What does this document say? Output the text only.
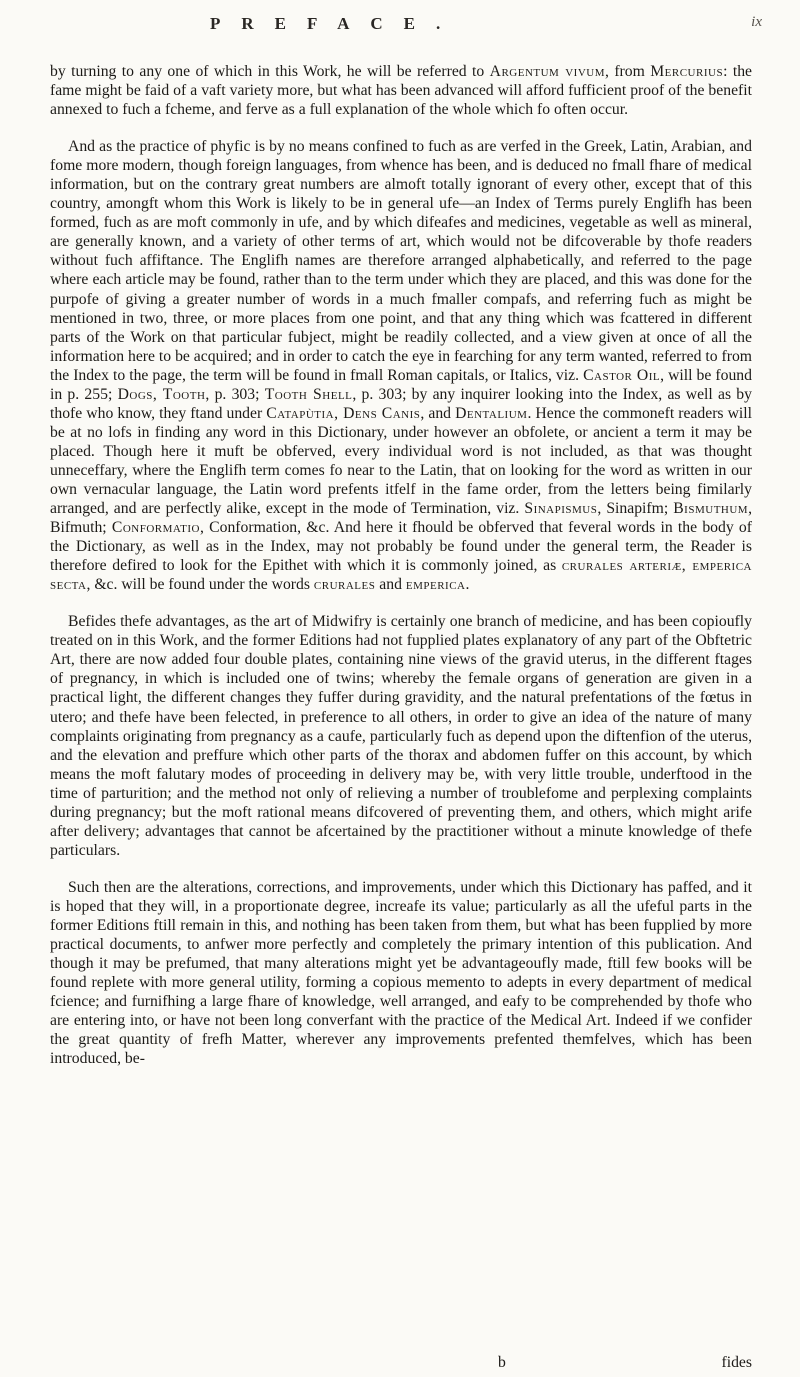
PREFACE.	ix

by turning to any one of which in this Work, he will be referred to Argentum vivum, from Mercurius: the fame might be faid of a vaft variety more, but what has been advanced will afford fufficient proof of the benefit annexed to fuch a fcheme, and ferve as a full explanation of the whole which fo often occur.

And as the practice of phyfic is by no means confined to fuch as are verfed in the Greek, Latin, Arabian, and fome more modern, though foreign languages, from whence has been, and is deduced no fmall fhare of medical information, but on the contrary great numbers are almoft totally ignorant of every other, except that of this country, amongft whom this Work is likely to be in general ufe—an Index of Terms purely Englifh has been formed, fuch as are moft commonly in ufe, and by which difeafes and medicines, vegetable as well as mineral, are generally known, and a variety of other terms of art, which would not be difcoverable by thofe readers without fuch affiftance. The Englifh names are therefore arranged alphabetically, and referred to the page where each article may be found, rather than to the term under which they are placed, and this was done for the purpofe of giving a greater number of words in a much fmaller compafs, and referring fuch as might be mentioned in two, three, or more places from one point, and that any thing which was fcattered in different parts of the Work on that particular fubject, might be readily collected, and a view given at once of all the information here to be acquired; and in order to catch the eye in fearching for any term wanted, referred to from the Index to the page, the term will be found in fmall Roman capitals, or Italics, viz. Castor Oil, will be found in p. 255; Dogs, Tooth, p. 303; Tooth Shell, p. 303; by any inquirer looking into the Index, as well as by thofe who know, they ftand under Catapùtia, Dens Canis, and Dentalium. Hence the commoneft readers will be at no lofs in finding any word in this Dictionary, under however an obfolete, or ancient a term it may be placed. Though here it muft be obferved, every individual word is not included, as that was thought unneceffary, where the Englifh term comes fo near to the Latin, that on looking for the word as written in our own vernacular language, the Latin word prefents itfelf in the fame order, from the letters being fimilarly arranged, and are perfectly alike, except in the mode of Termination, viz. Sinapismus, Sinapifm; Bismuthum, Bifmuth; Conformatio, Conformation, &c. And here it fhould be obferved that feveral words in the body of the Dictionary, as well as in the Index, may not probably be found under the general term, the Reader is therefore defired to look for the Epithet with which it is commonly joined, as crurales arteriæ, emperica secta, &c. will be found under the words crurales and emperica.

Befides thefe advantages, as the art of Midwifry is certainly one branch of medicine, and has been copioufly treated on in this Work, and the former Editions had not fupplied plates explanatory of any part of the Obftetric Art, there are now added four double plates, containing nine views of the gravid uterus, in the different ftages of pregnancy, in which is included one of twins; whereby the female organs of generation are given in a practical light, the different changes they fuffer during gravidity, and the natural prefentations of the fœtus in utero; and thefe have been felected, in preference to all others, in order to give an idea of the nature of many complaints originating from pregnancy as a caufe, particularly fuch as depend upon the diftenfion of the uterus, and the elevation and preffure which other parts of the thorax and abdomen fuffer on this account, by which means the moft falutary modes of proceeding in delivery may be, with very little trouble, underftood in the time of parturition; and the method not only of relieving a number of troublefome and perplexing complaints during pregnancy; but the moft rational means difcovered of preventing them, and others, which might arife after delivery; advantages that cannot be afcertained by the practitioner without a minute knowledge of thefe particulars.

Such then are the alterations, corrections, and improvements, under which this Dictionary has paffed, and it is hoped that they will, in a proportionate degree, increafe its value; particularly as all the ufeful parts in the former Editions ftill remain in this, and nothing has been taken from them, but what has been fupplied by more practical documents, to anfwer more perfectly and completely the primary intention of this publication. And though it may be prefumed, that many alterations might yet be advantageoufly made, ftill few books will be found replete with more general utility, forming a copious memento to adepts in every department of medical fcience; and furnifhing a large fhare of knowledge, well arranged, and eafy to be comprehended by thofe who are entering into, or have not been long converfant with the practice of the Medical Art. Indeed if we confider the great quantity of frefh Matter, wherever any improvements prefented themfelves, which has been introduced, be-

b	fides
